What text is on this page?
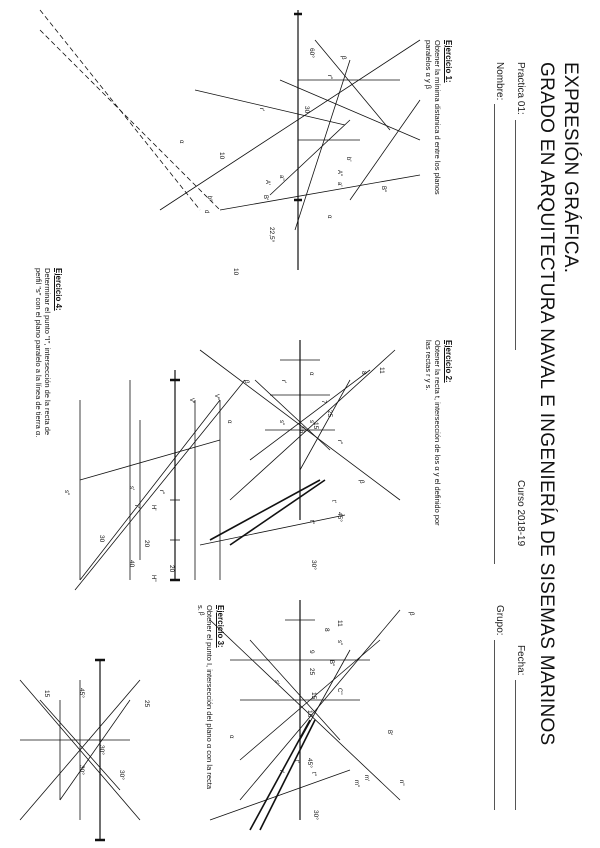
EXPRESIÓN GRÁFICA.
GRADO EN ARQUITECTURA NAVAL E INGENIERÍA DE SISEMAS MARINOS
Practica 01:
Curso 2018-19
Fecha:
Nombre:
Grupo:
Ejercicio 1:
Obtener la mínima distanica d entre los planos paralelos α y β
Ejercicio 2:
Obtener la recta t, intersección de los α y el definido por las rectas r y s.
Ejercicio 3:
Obtener el punto I, intersección del plano α con la recta s.
Ejercicio 4:
Determinar el punto "I", intersección de la recta de perfil "s" con el plano paralelo a la línea de tierra α.
β
r''
A''
B''
a'
b'
B'
b''
A'
a''
r'
d
α
α
60°
30
10
22,5°
10
r'
r''
s'
s''
t'
t''
α
β
11
8
7
25
15
16
45°
30°
β
β
s''
s'
B''
C''
α
r'
m'
m''	n''
B'
t'
t''
11
8
9
25
15
16
45°
30°
β
V'
V''
α
s'
r''
r' H'
H''
s''
30
20
40
20
15	45°
25
30°
30°
30°
